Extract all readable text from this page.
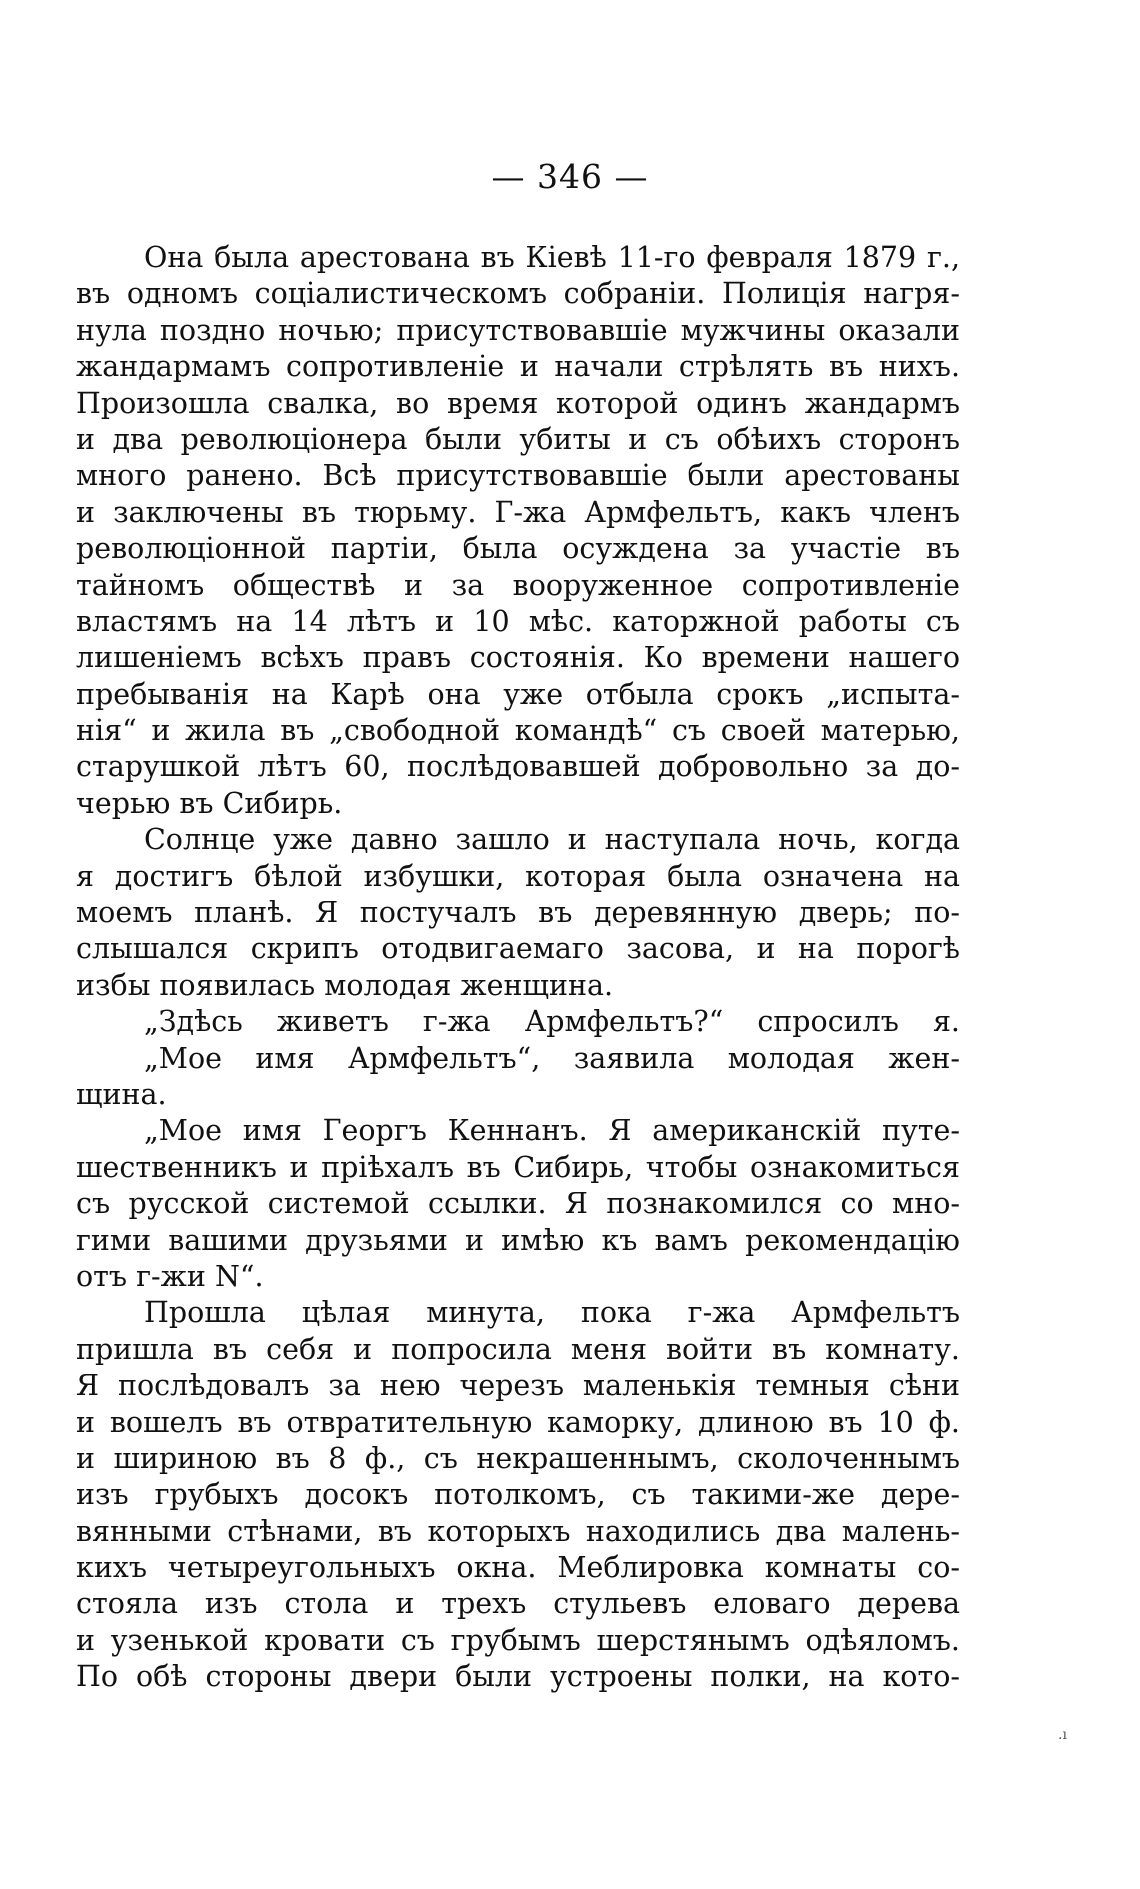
— 346 —
Она была арестована въ Кіевѣ 11-го февраля 1879 г.,
въ одномъ соціалистическомъ собраніи. Полиція нагря-
нула поздно ночью; присутствовавшіе мужчины оказали
жандармамъ сопротивленіе и начали стрѣлять въ нихъ.
Произошла свалка, во время которой одинъ жандармъ
и два революціонера были убиты и съ обѣихъ сторонъ
много ранено. Всѣ присутствовавшіе были арестованы
и заключены въ тюрьму. Г-жа Армфельтъ, какъ членъ
революціонной партіи, была осуждена за участіе въ
тайномъ обществѣ и за вооруженное сопротивленіе
властямъ на 14 лѣтъ и 10 мѣс. каторжной работы съ
лишеніемъ всѣхъ правъ состоянія. Ко времени нашего
пребыванія на Карѣ она уже отбыла срокъ „испыта-
нія“ и жила въ „свободной командѣ“ съ своей матерью,
старушкой лѣтъ 60, послѣдовавшей добровольно за до-
черью въ Сибирь.
Солнце уже давно зашло и наступала ночь, когда
я достигъ бѣлой избушки, которая была означена на
моемъ планѣ. Я постучалъ въ деревянную дверь; по-
слышался скрипъ отодвигаемаго засова, и на порогѣ
избы появилась молодая женщина.
„Здѣсь живетъ г-жа Армфельтъ?“ спросилъ я.
„Мое имя Армфельтъ“, заявила молодая жен-
щина.
„Мое имя Георгъ Кеннанъ. Я американскій путе-
шественникъ и пріѣхалъ въ Сибирь, чтобы ознакомиться
съ русской системой ссылки. Я познакомился со мно-
гими вашими друзьями и имѣю къ вамъ рекомендацію
отъ г-жи N“.
Прошла цѣлая минута, пока г-жа Армфельтъ
пришла въ себя и попросила меня войти въ комнату.
Я послѣдовалъ за нею черезъ маленькія темныя сѣни
и вошелъ въ отвратительную каморку, длиною въ 10 ф.
и шириною въ 8 ф., съ некрашеннымъ, сколоченнымъ
изъ грубыхъ досокъ потолкомъ, съ такими-же дере-
вянными стѣнами, въ которыхъ находились два малень-
кихъ четыреугольныхъ окна. Меблировка комнаты со-
стояла изъ стола и трехъ стульевъ еловаго дерева
и узенькой кровати съ грубымъ шерстянымъ одѣяломъ.
По обѣ стороны двери были устроены полки, на кото-
.ı
